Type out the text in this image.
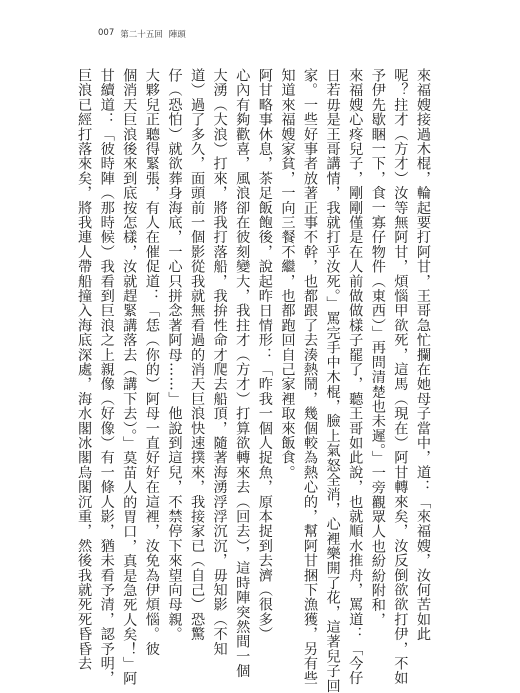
007 第二十五回 陣頭
來福嫂接過木棍，輪起要打阿甘，王哥急忙攔在她母子當中，道：「來福嫂，汝何苦如此
呢？拄才（方才）汝等無阿甘，煩惱甲欲死，這馬（現在）阿甘轉來矣，汝反倒欲欲打伊，不如
予伊先歇睏一下，食一寡仔物件（東西）」再問清楚也未遲。」一旁觀眾人也紛紛附和，
來福嫂心疼兒子，剛剛僅是在人前做做樣子罷了，聽王哥如此說，也就順水推舟，罵道：「今仔
日若毋是王哥講情，我就打乎汝死。」罵完手中木棍，臉上氣怒全消，心裡樂開了花，這著兒子回
家。一些好事者放著正事不幹，也都跟了去湊熱鬧，幾個較為熱心的，幫阿甘捆下漁獲，另有些
知道來福嫂家貧，一向三餐不繼，也都跑回自己家裡取來飯食。
阿甘略事休息，茶足飯飽後，說起昨日情形：「昨我一個人捉魚，原本捉到去濟（很多）
心內有夠歡喜，風浪卻在彼刻變大，我拄才（方才）打算欲轉來去（回去），這時陣突然間一個
大湧（大浪）打來，將我打落船，我拚性命才爬去船頂，隨著海湧浮浮沉沉，毋知影（不知
道）過了多久，面頭前一個影從我就無看過的消天巨浪快速撲來，我接家已（自己）恐驚
仔（恐怕）就欲葬身海底，一心只拼念著阿母……」他說到這兒，不禁停下來望向母親。
大夥兒正聽得緊張，有人在催促道：「恁（你的）阿母一直好好在這裡，汝免為伊煩惱。彼
個消天巨浪後來到底按怎樣，汝就趕緊講落去（講下去）。」莫苗人的胃口，真是急死人矣！」阿
甘續道：「彼時陣（那時候）我看到巨浪之上親像（好像）有一條人影，猶未看予清，認予明，
巨浪已經打落來矣，將我連人帶船撞入海底深處，海水閣冰閣烏閣沉重，然後我就死死昏昏去
